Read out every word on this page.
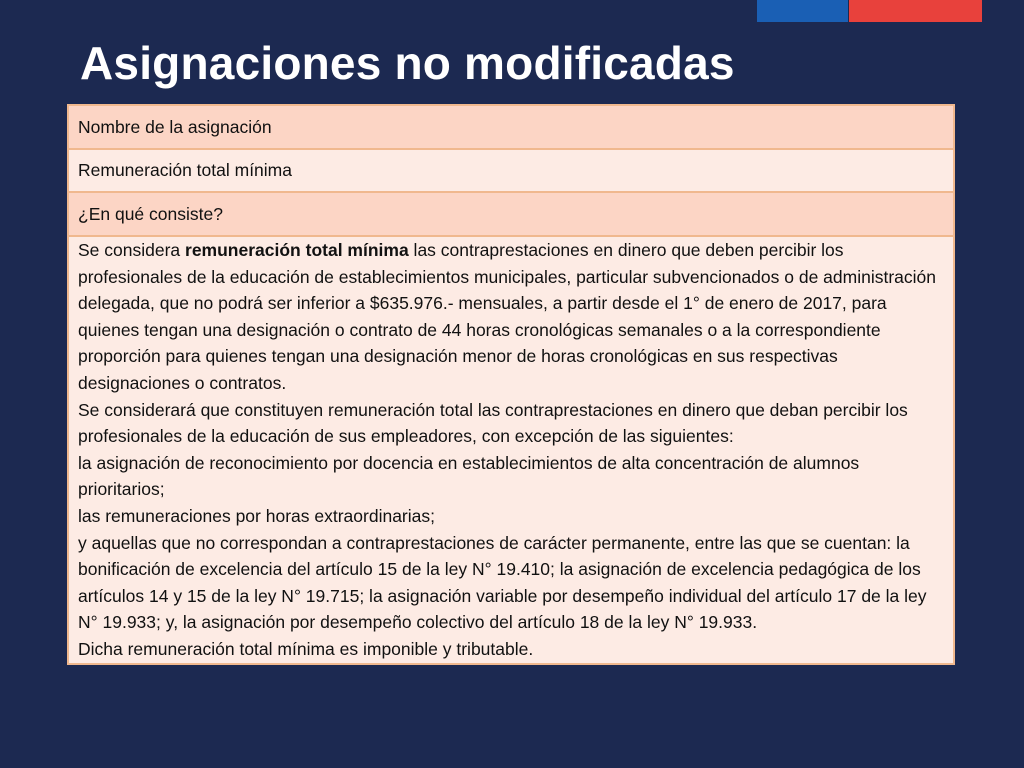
Asignaciones no modificadas
Nombre de la asignación
Remuneración total mínima
¿En qué consiste?

Se considera remuneración total mínima las contraprestaciones en dinero que deben percibir los profesionales de la educación de establecimientos municipales, particular subvencionados o de administración delegada, que no podrá ser inferior a $635.976.- mensuales, a partir desde el 1° de enero de 2017, para quienes tengan una designación o contrato de 44 horas cronológicas semanales o a la correspondiente proporción para quienes tengan una designación menor de horas cronológicas en sus respectivas designaciones o contratos.

Se considerará que constituyen remuneración total las contraprestaciones en dinero que deban percibir los profesionales de la educación de sus empleadores, con excepción de las siguientes:

la asignación de reconocimiento por docencia en establecimientos de alta concentración de alumnos prioritarios;

las remuneraciones por horas extraordinarias;

y aquellas que no correspondan a contraprestaciones de carácter permanente, entre las que se cuentan: la bonificación de excelencia del artículo 15 de la ley N° 19.410; la asignación de excelencia pedagógica de los artículos 14 y 15 de la ley N° 19.715; la asignación variable por desempeño individual del artículo 17 de la ley N° 19.933; y, la asignación por desempeño colectivo del artículo 18 de la ley N° 19.933.

Dicha remuneración total mínima es imponible y tributable.
